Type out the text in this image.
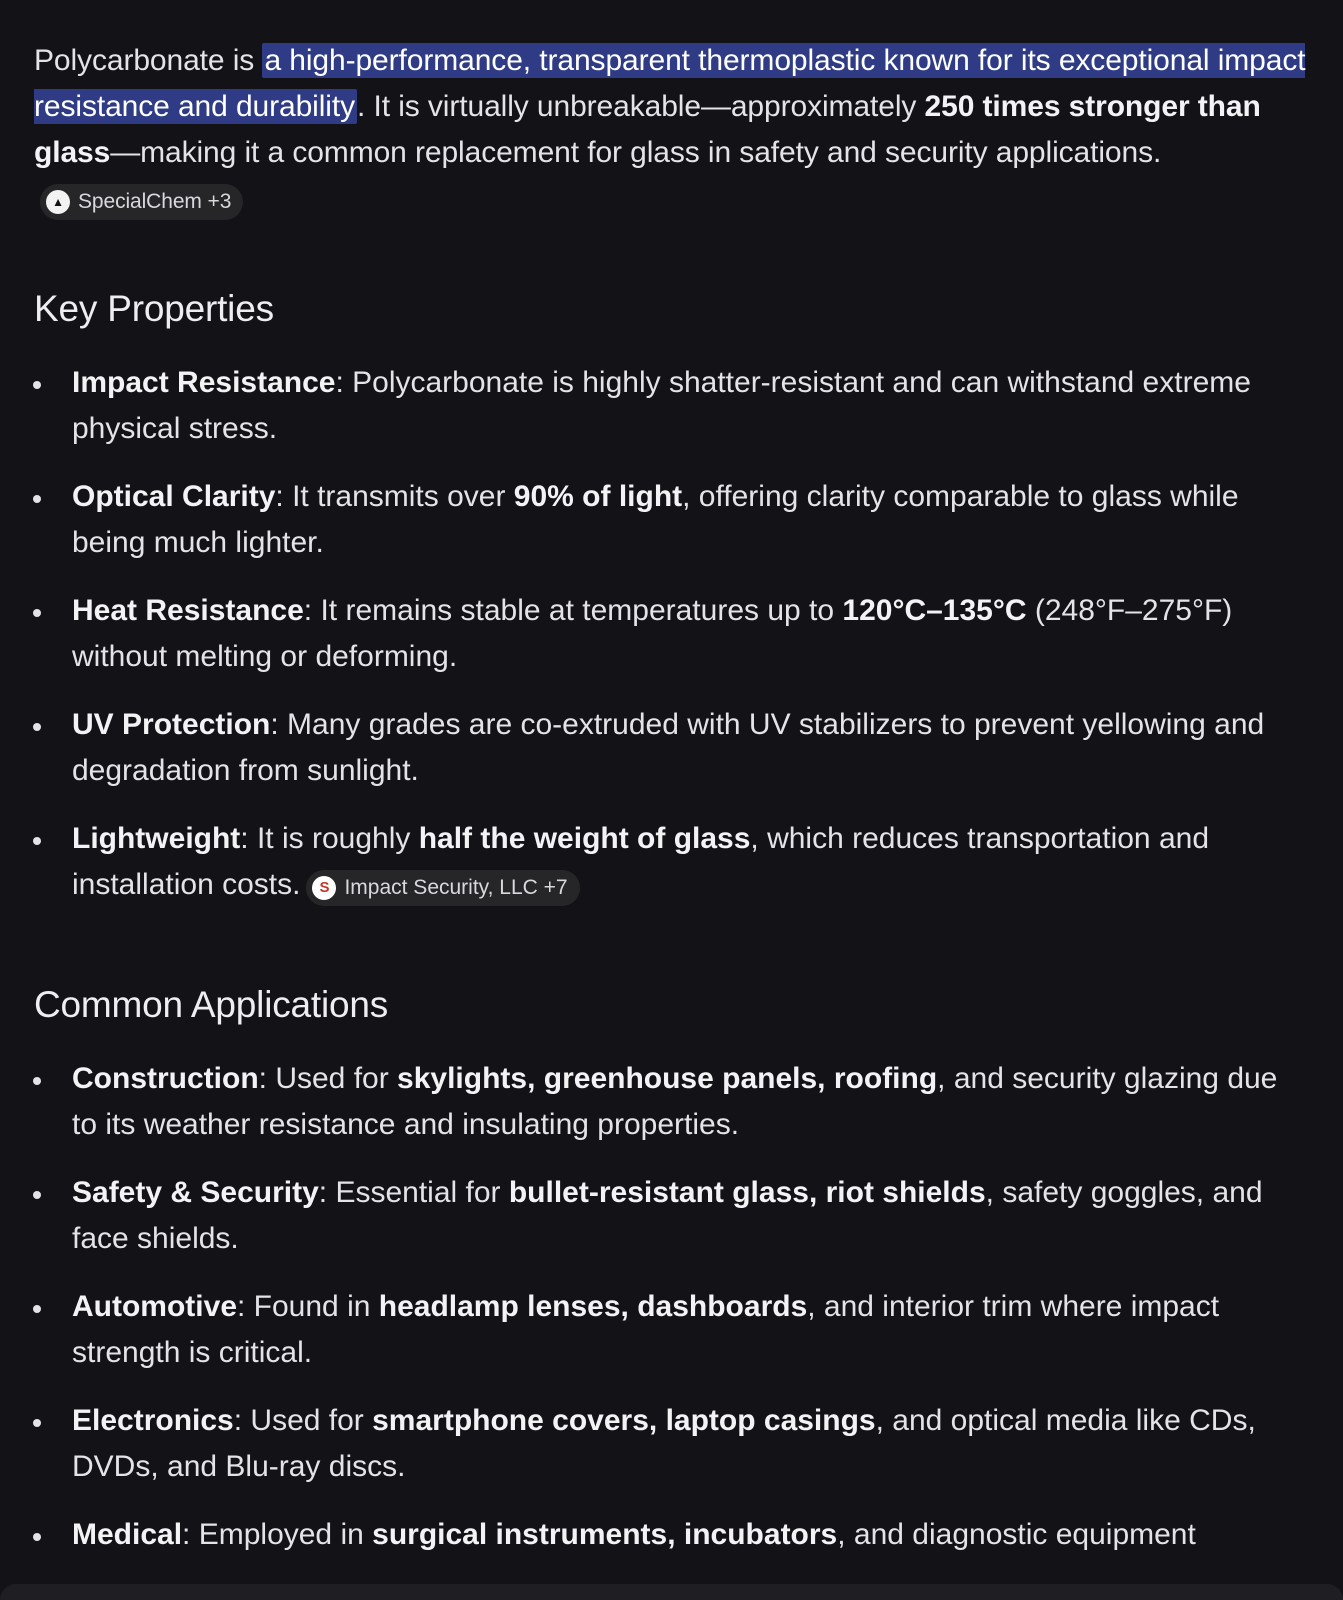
Polycarbonate is a high-performance, transparent thermoplastic known for its exceptional impact resistance and durability. It is virtually unbreakable—approximately 250 times stronger than glass—making it a common replacement for glass in safety and security applications.
▲ SpecialChem +3

Key Properties
Impact Resistance: Polycarbonate is highly shatter-resistant and can withstand extreme physical stress.
Optical Clarity: It transmits over 90% of light, offering clarity comparable to glass while being much lighter.
Heat Resistance: It remains stable at temperatures up to 120°C–135°C (248°F–275°F) without melting or deforming.
UV Protection: Many grades are co-extruded with UV stabilizers to prevent yellowing and degradation from sunlight.
Lightweight: It is roughly half the weight of glass, which reduces transportation and installation costs.	S Impact Security, LLC +7
Common Applications
Construction: Used for skylights, greenhouse panels, roofing, and security glazing due to its weather resistance and insulating properties.
Safety & Security: Essential for bullet-resistant glass, riot shields, safety goggles, and face shields.
Automotive: Found in headlamp lenses, dashboards, and interior trim where impact strength is critical.
Electronics: Used for smartphone covers, laptop casings, and optical media like CDs, DVDs, and Blu-ray discs.
Medical: Employed in surgical instruments, incubators, and diagnostic equipment
